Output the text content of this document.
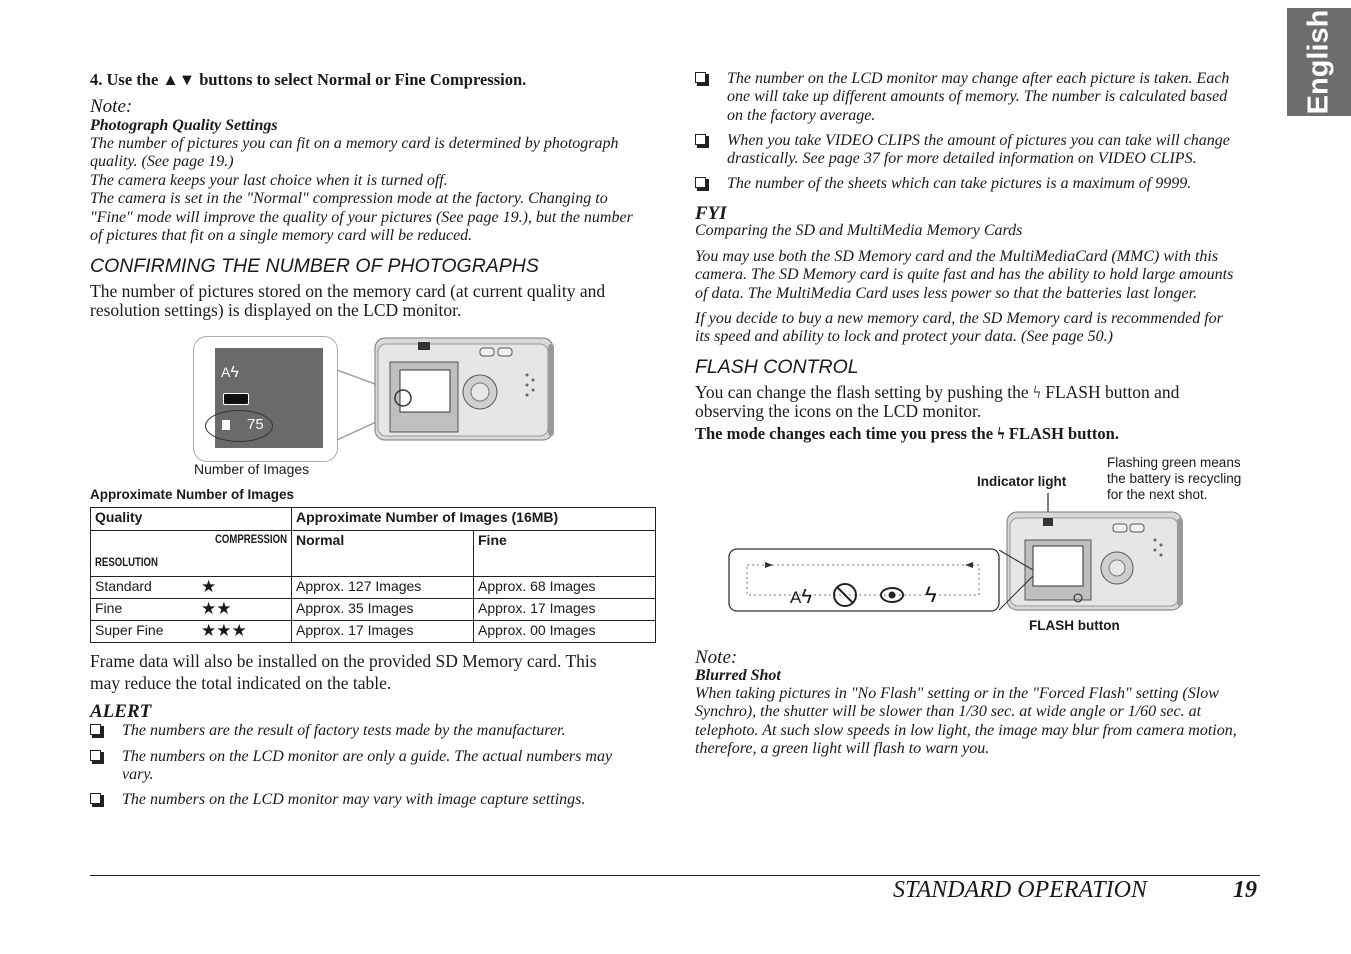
English
4. Use the ▲▼ buttons to select Normal or Fine Compression.
Note:
Photograph Quality Settings
The number of pictures you can fit on a memory card is determined by photograph
quality. (See page 19.)
The camera keeps your last choice when it is turned off.
The camera is set in the "Normal" compression mode at the factory. Changing to
"Fine" mode will improve the quality of your pictures (See page 19.), but the number
of pictures that fit on a single memory card will be reduced.
CONFIRMING THE NUMBER OF PHOTOGRAPHS
The number of pictures stored on the memory card (at current quality and
resolution settings) is displayed on the LCD monitor.
Aϟ
75
Number of Images
Approximate Number of Images
Quality	Approximate Number of Images (16MB)	

COMPRESSION
RESOLUTION	Normal	Fine
Standard ★	Approx. 127 Images	Approx. 68 Images
Fine ★★	Approx. 35 Images	Approx. 17 Images
Super Fine ★★★	Approx. 17 Images	Approx. 00 Images
Frame data will also be installed on the provided SD Memory card. This
may reduce the total indicated on the table.
ALERT
The numbers are the result of factory tests made by the manufacturer.
The numbers on the LCD monitor are only a guide. The actual numbers may
vary.
The numbers on the LCD monitor may vary with image capture settings.
The number on the LCD monitor may change after each picture is taken. Each
one will take up different amounts of memory. The number is calculated based
on the factory average.
When you take VIDEO CLIPS the amount of pictures you can take will change
drastically. See page 37 for more detailed information on VIDEO CLIPS.
The number of the sheets which can take pictures is a maximum of 9999.
FYI
Comparing the SD and MultiMedia Memory Cards
You may use both the SD Memory card and the MultiMediaCard (MMC) with this
camera. The SD Memory card is quite fast and has the ability to hold large amounts
of data. The MultiMedia Card uses less power so that the batteries last longer.
If you decide to buy a new memory card, the SD Memory card is recommended for
its speed and ability to lock and protect your data. (See page 50.)
FLASH CONTROL
You can change the flash setting by pushing the ϟ FLASH button and
observing the icons on the LCD monitor.
The mode changes each time you press the ϟ FLASH button.
Indicator light
Flashing green means
the battery is recycling
for the next shot.
Aϟ	ϟ
FLASH button
Note:
Blurred Shot
When taking pictures in "No Flash" setting or in the "Forced Flash" setting (Slow
Synchro), the shutter will be slower than 1/30 sec. at wide angle or 1/60 sec. at
telephoto. At such slow speeds in low light, the image may blur from camera motion,
therefore, a green light will flash to warn you.
STANDARD OPERATION	19
